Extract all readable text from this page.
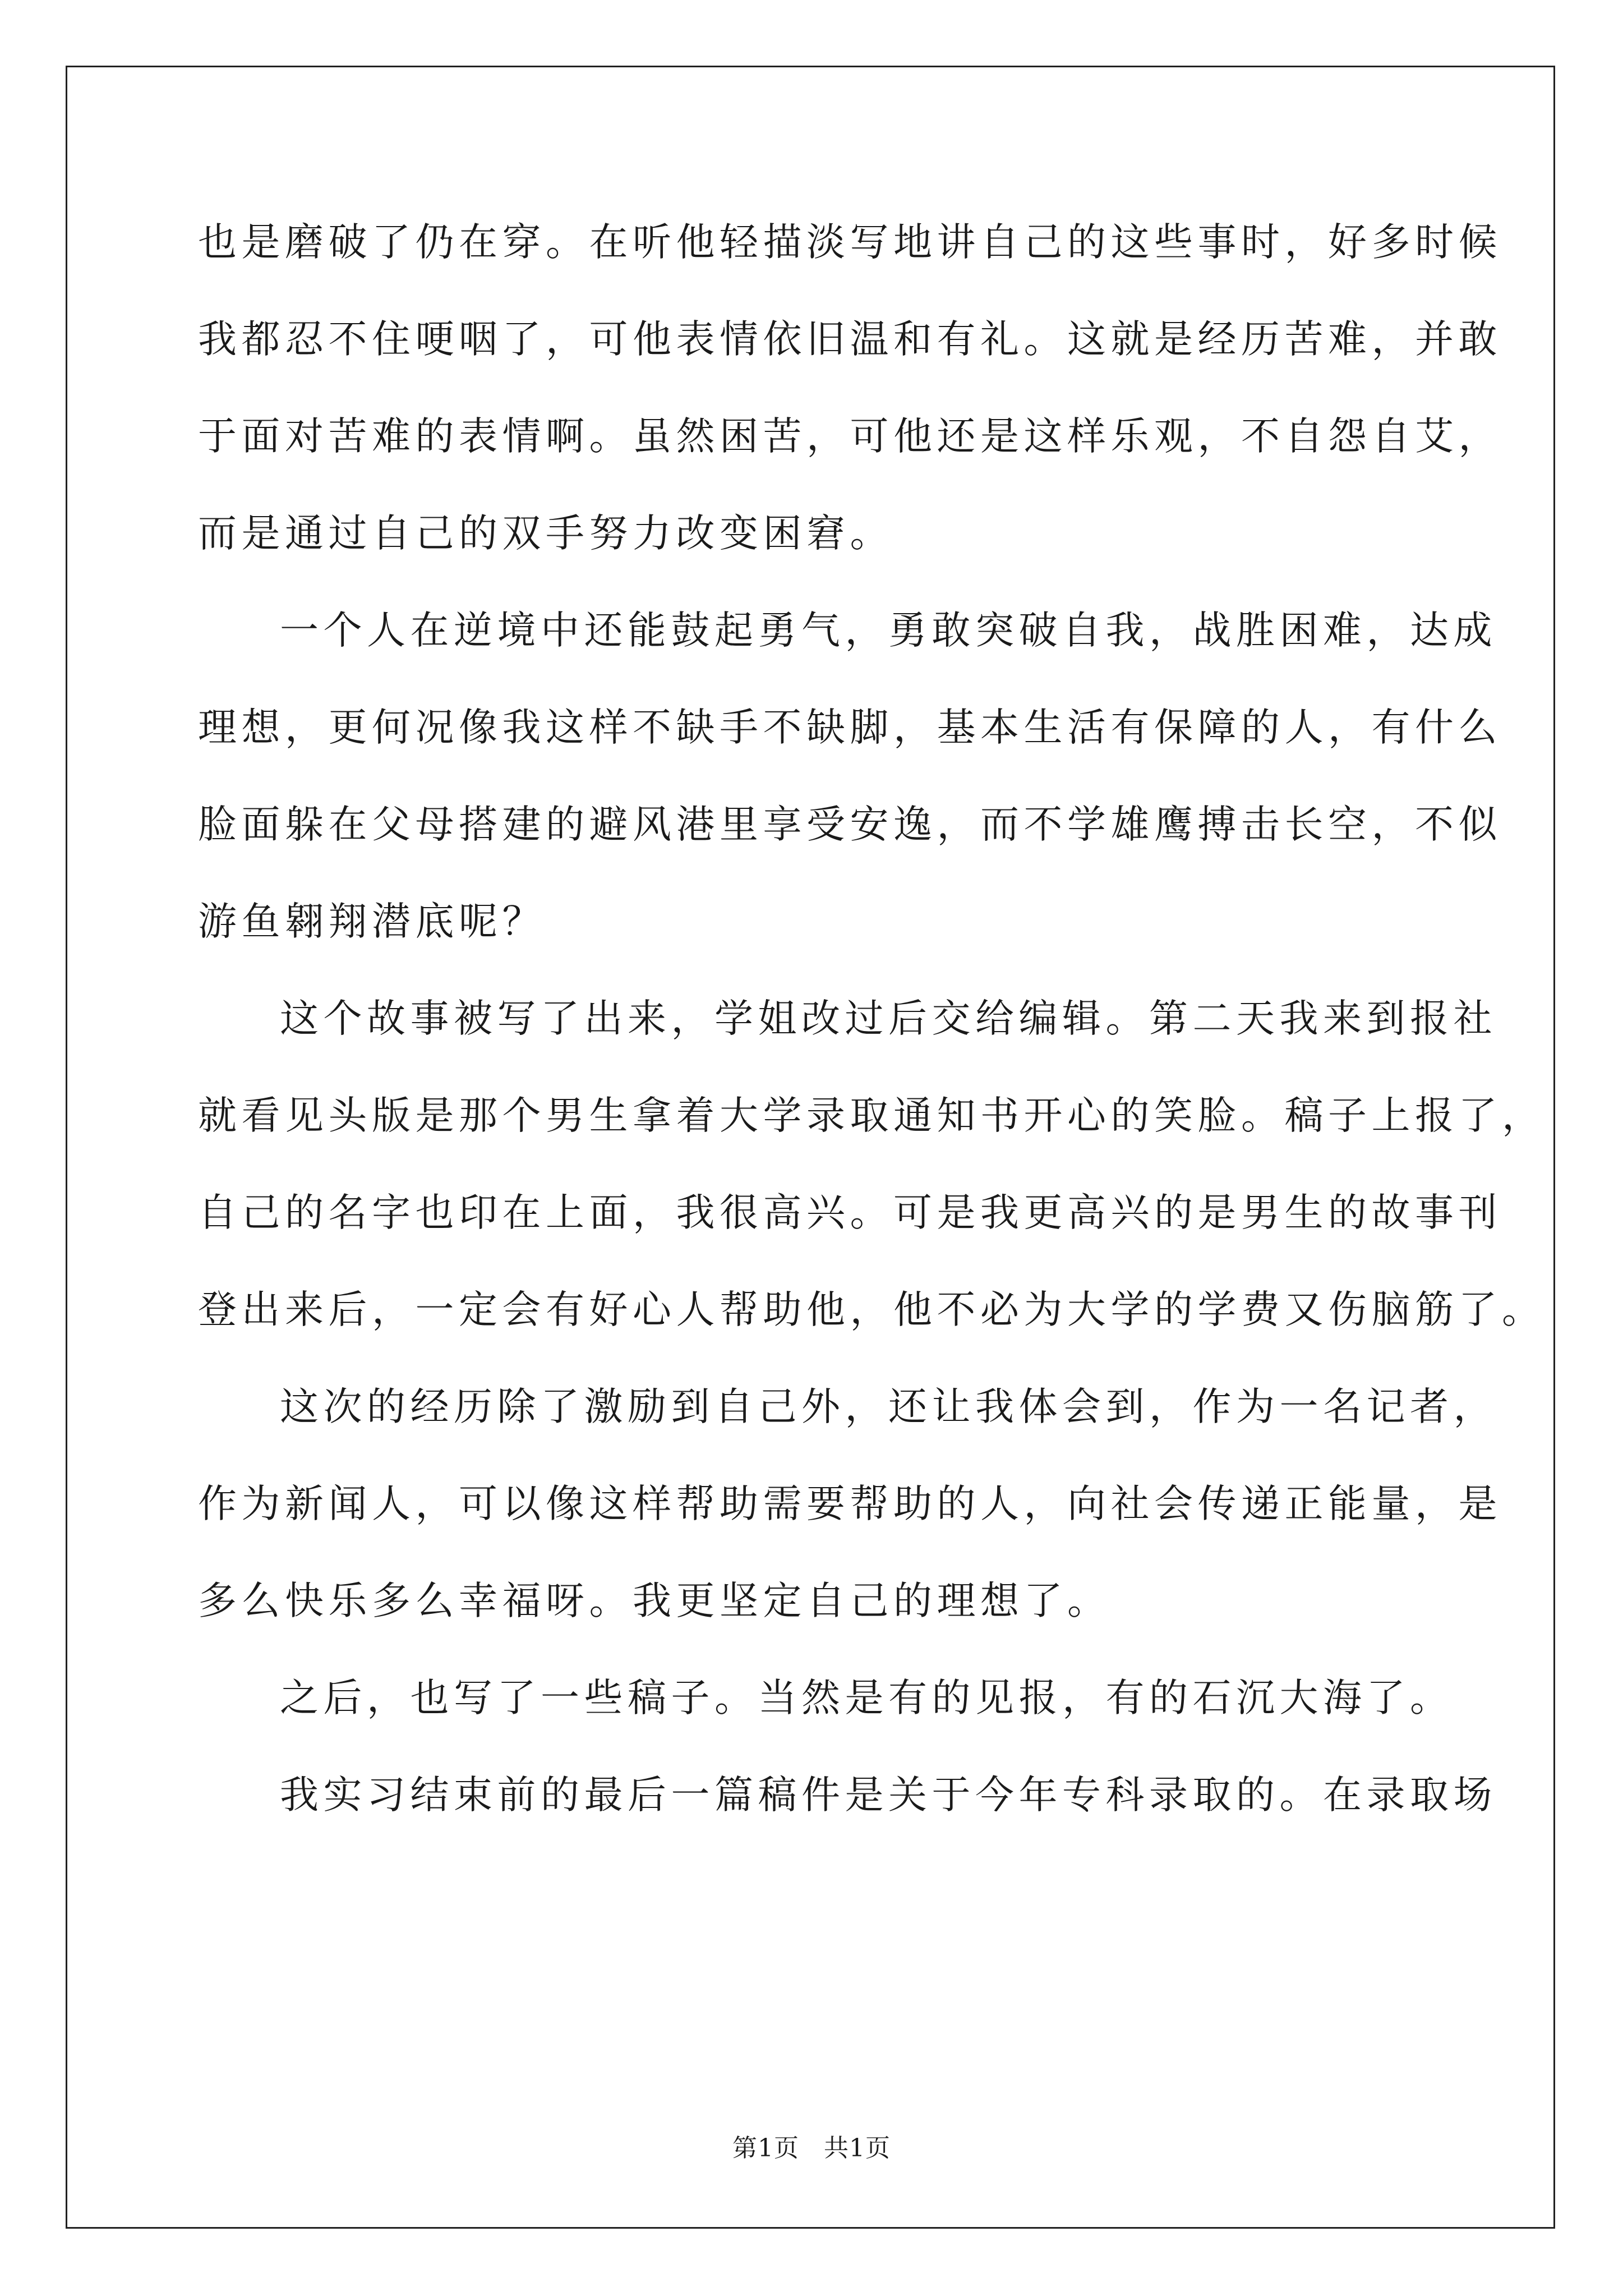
也是磨破了仍在穿。在听他轻描淡写地讲自己的这些事时，好多时候
我都忍不住哽咽了，可他表情依旧温和有礼。这就是经历苦难，并敢
于面对苦难的表情啊。虽然困苦，可他还是这样乐观，不自怨自艾，
而是通过自己的双手努力改变困窘。
一个人在逆境中还能鼓起勇气，勇敢突破自我，战胜困难，达成
理想，更何况像我这样不缺手不缺脚，基本生活有保障的人，有什么
脸面躲在父母搭建的避风港里享受安逸，而不学雄鹰搏击长空，不似
游鱼翱翔潜底呢？
这个故事被写了出来，学姐改过后交给编辑。第二天我来到报社
就看见头版是那个男生拿着大学录取通知书开心的笑脸。稿子上报了，
自己的名字也印在上面，我很高兴。可是我更高兴的是男生的故事刊
登出来后，一定会有好心人帮助他，他不必为大学的学费又伤脑筋了。
这次的经历除了激励到自己外，还让我体会到，作为一名记者，
作为新闻人，可以像这样帮助需要帮助的人，向社会传递正能量，是
多么快乐多么幸福呀。我更坚定自己的理想了。
之后，也写了一些稿子。当然是有的见报，有的石沉大海了。
我实习结束前的最后一篇稿件是关于今年专科录取的。在录取场
第1页 共1页
